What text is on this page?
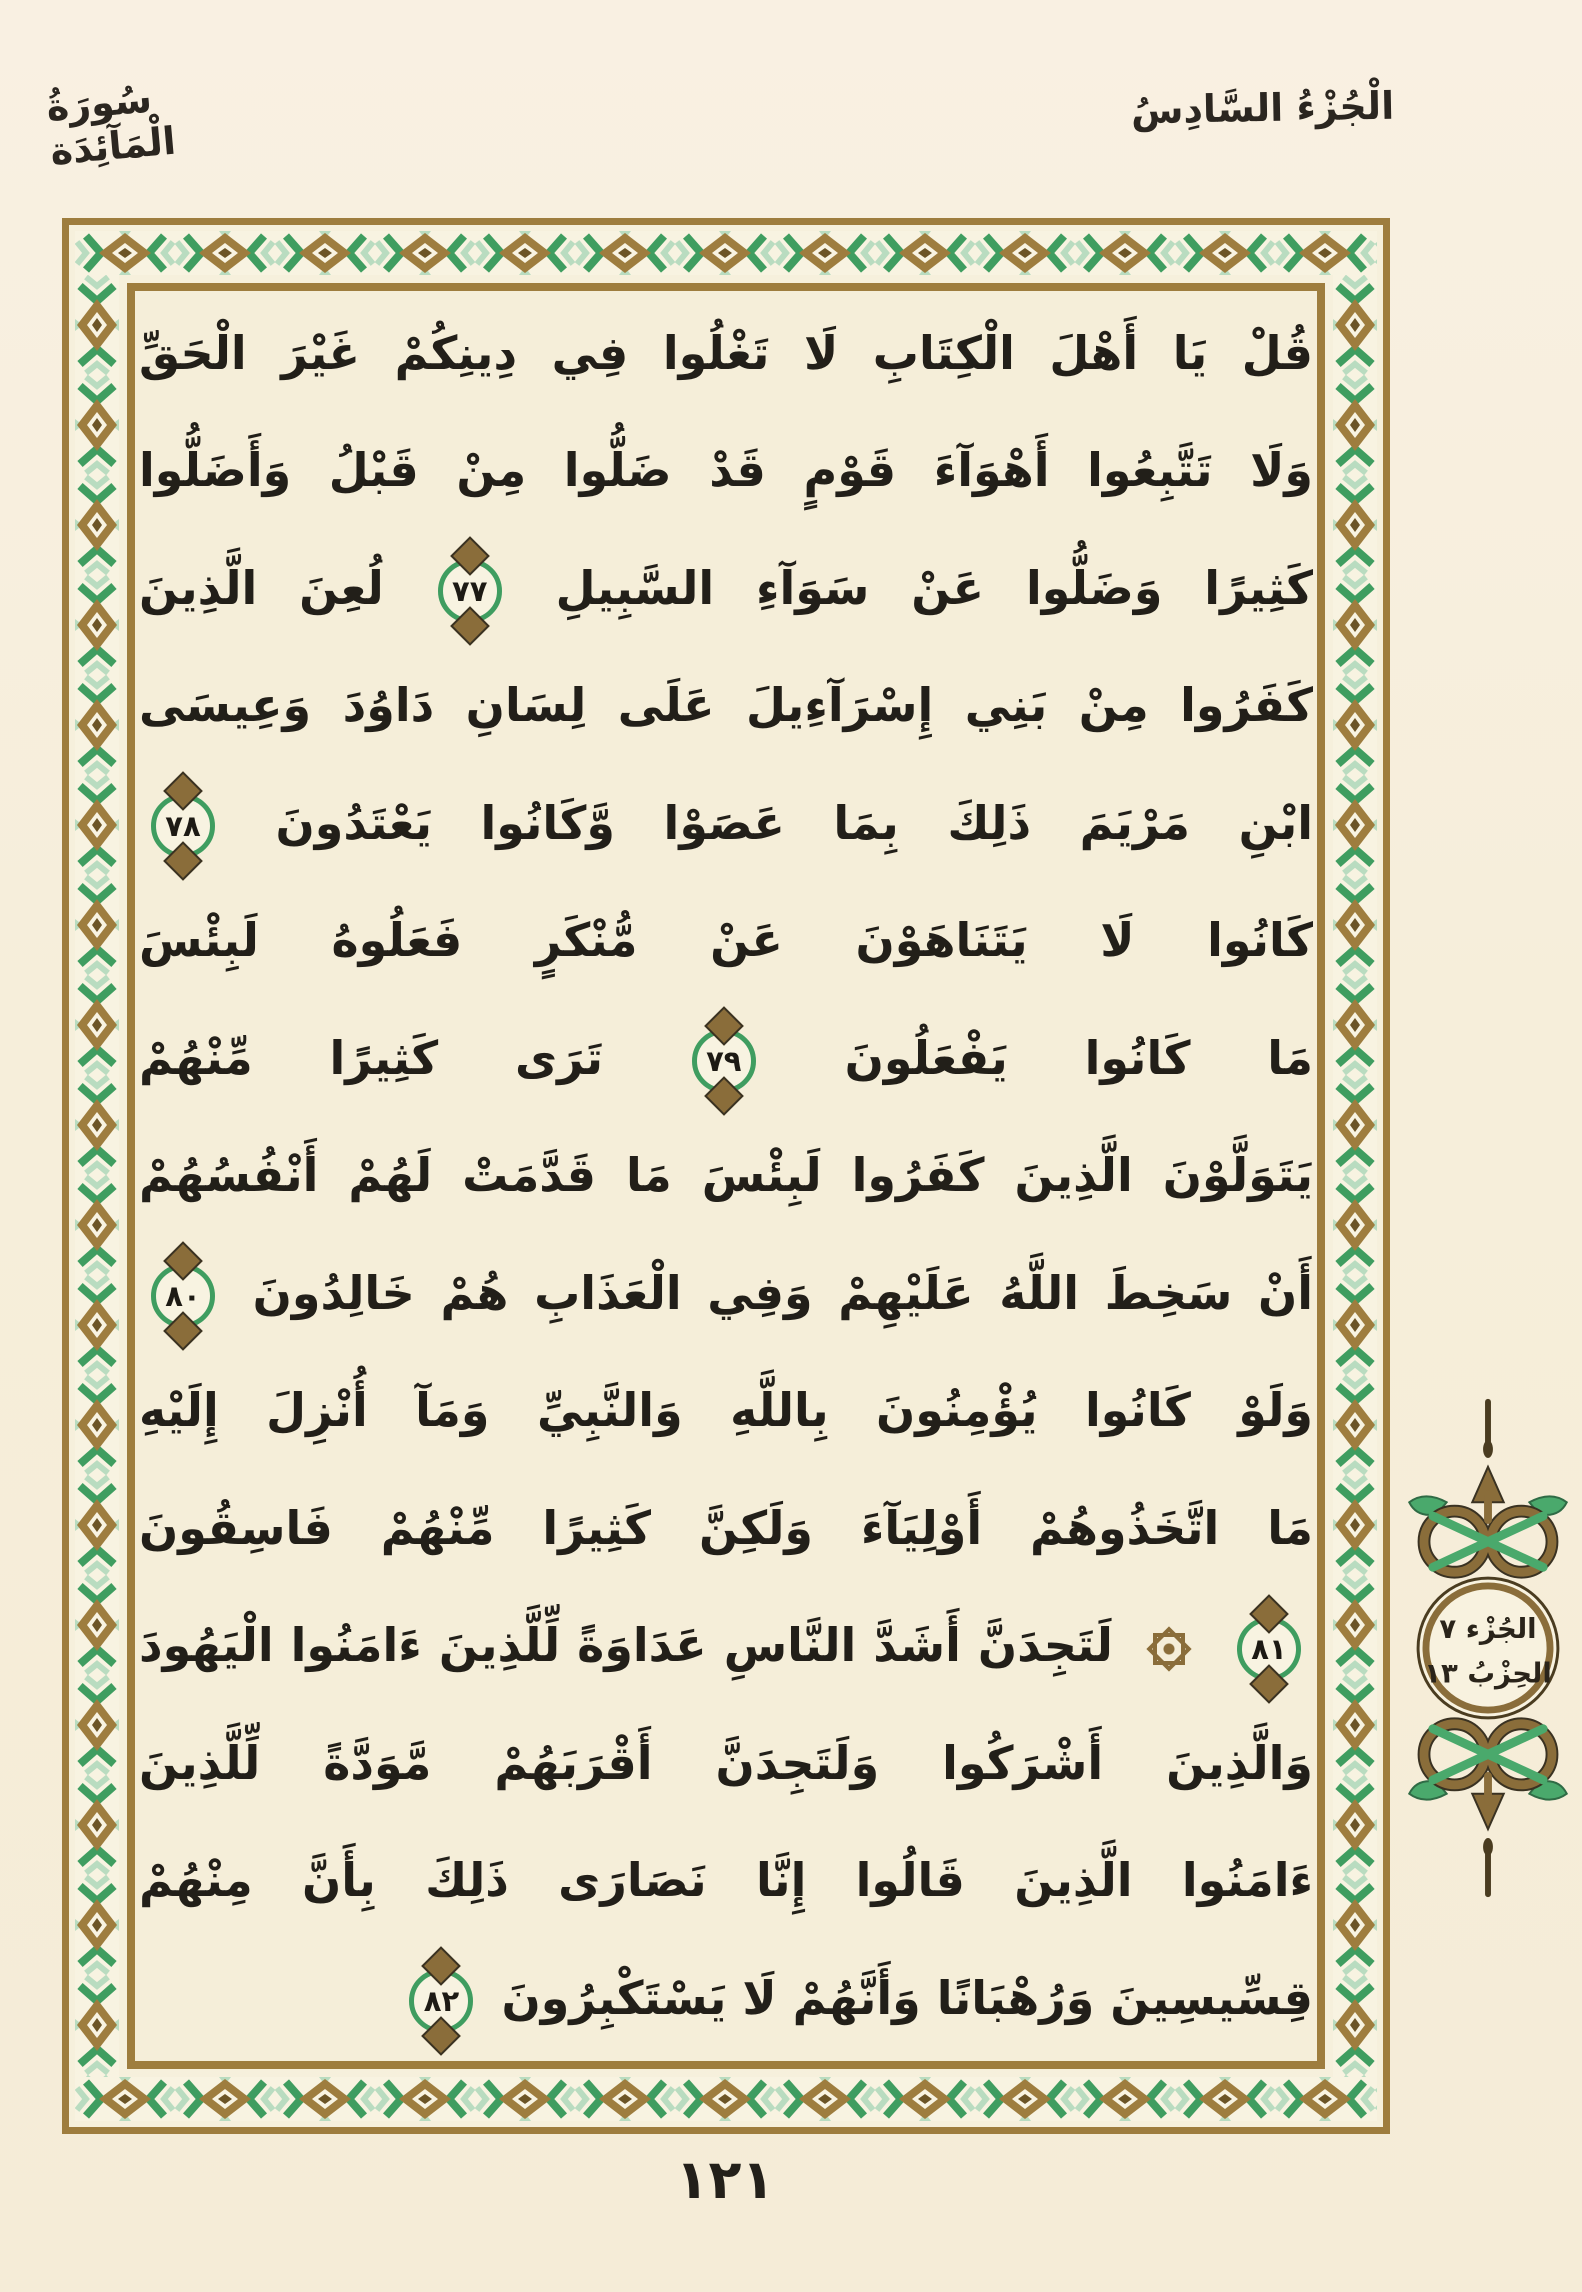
سُورَةُ الْمَآئِدَة
الْجُزْءُ السَّادِسُ
قُلْ يَا أَهْلَ الْكِتَابِ لَا تَغْلُوا فِي دِينِكُمْ غَيْرَ الْحَقِّ
وَلَا تَتَّبِعُوا أَهْوَآءَ قَوْمٍ قَدْ ضَلُّوا مِنْ قَبْلُ وَأَضَلُّوا
كَثِيرًا وَضَلُّوا عَنْ سَوَآءِ السَّبِيلِ
٧٧
لُعِنَ الَّذِينَ
كَفَرُوا مِنْ بَنِي إِسْرَآءِيلَ عَلَى لِسَانِ دَاوُدَ وَعِيسَى
ابْنِ مَرْيَمَ ذَلِكَ بِمَا عَصَوْا وَّكَانُوا يَعْتَدُونَ
٧٨
كَانُوا لَا يَتَنَاهَوْنَ عَنْ مُّنْكَرٍ فَعَلُوهُ لَبِئْسَ
مَا كَانُوا يَفْعَلُونَ
٧٩
تَرَى كَثِيرًا مِّنْهُمْ
يَتَوَلَّوْنَ الَّذِينَ كَفَرُوا لَبِئْسَ مَا قَدَّمَتْ لَهُمْ أَنْفُسُهُمْ
أَنْ سَخِطَ اللَّهُ عَلَيْهِمْ وَفِي الْعَذَابِ هُمْ خَالِدُونَ
٨٠
وَلَوْ كَانُوا يُؤْمِنُونَ بِاللَّهِ وَالنَّبِيِّ وَمَآ أُنْزِلَ إِلَيْهِ
مَا اتَّخَذُوهُمْ أَوْلِيَآءَ وَلَكِنَّ كَثِيرًا مِّنْهُمْ فَاسِقُونَ
٨١
لَتَجِدَنَّ أَشَدَّ النَّاسِ عَدَاوَةً لِّلَّذِينَ ءَامَنُوا الْيَهُودَ
وَالَّذِينَ أَشْرَكُوا وَلَتَجِدَنَّ أَقْرَبَهُمْ مَّوَدَّةً لِّلَّذِينَ
ءَامَنُوا الَّذِينَ قَالُوا إِنَّا نَصَارَى ذَلِكَ بِأَنَّ مِنْهُمْ
قِسِّيسِينَ وَرُهْبَانًا وَأَنَّهُمْ لَا يَسْتَكْبِرُونَ
٨٢
الجُزْء ٧
الحِزْبُ ١٣
١٢١
